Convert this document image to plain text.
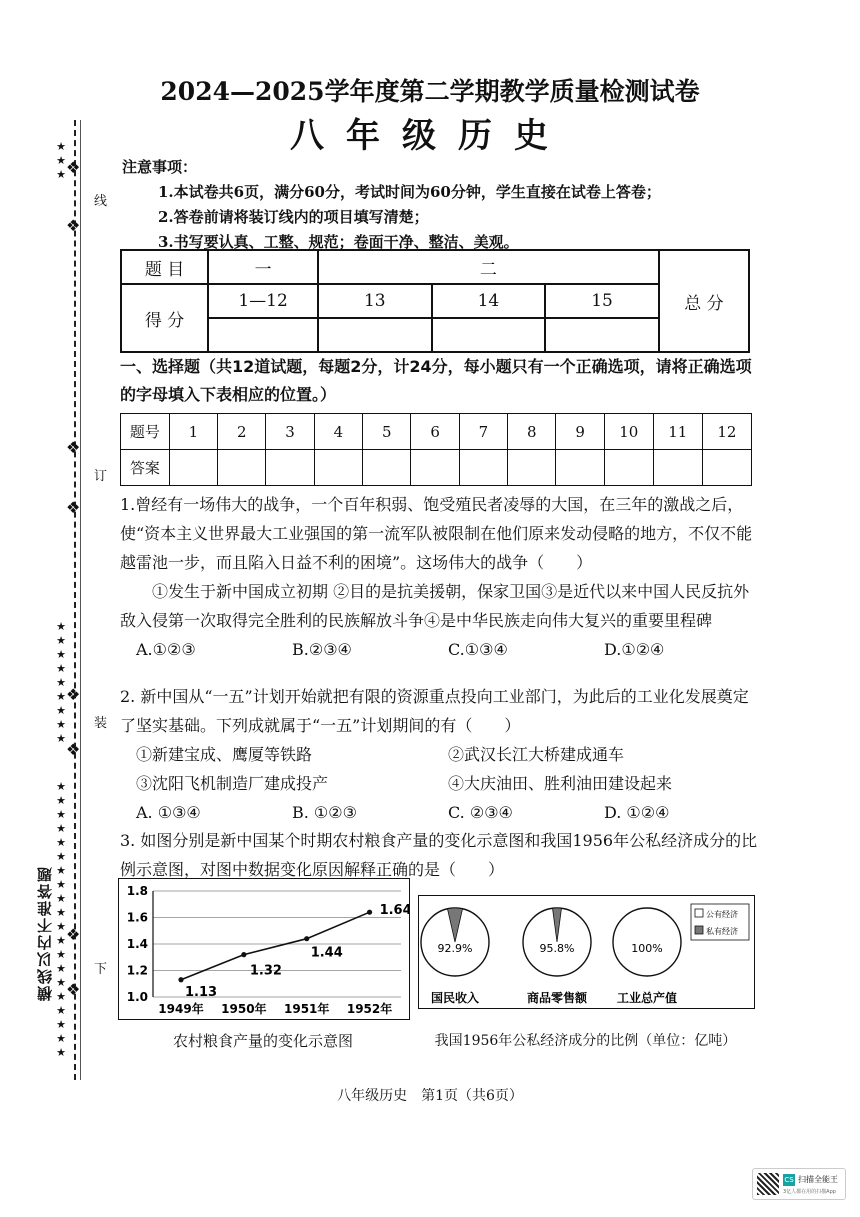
★
★
★ ❖
❖
线
❖
订
❖
★
★
★
★
★
★
★
★
★
❖
装
❖
★
★
★
★
★
★
★
★
★
★
★
★
★
★
★
★
★
★
★
★
❖
下
❖
横线以内不准答题
2024—2025学年度第二学期教学质量检测试卷
八年级历史
注意事项：
1.本试卷共6页，满分60分，考试时间为60分钟，学生直接在试卷上答卷；
2.答卷前请将装订线内的项目填写清楚；
3.书写要认真、工整、规范；卷面干净、整洁、美观。
题 目	一	二			总 分
得 分	1—12	13	14	15	

一、选择题（共12道试题，每题2分，计24分，每小题只有一个正确选项，请将正确选项的字母填入下表相应的位置。）
题号	1	2	3	4	5	6	7	8	9	10	11	12
答案												
1.曾经有一场伟大的战争，一个百年积弱、饱受殖民者凌辱的大国，在三年的激战之后，使“资本主义世界最大工业强国的第一流军队被限制在他们原来发动侵略的地方，不仅不能越雷池一步，而且陷入日益不利的困境”。这场伟大的战争（　　）
①发生于新中国成立初期 ②目的是抗美援朝，保家卫国③是近代以来中国人民反抗外敌入侵第一次取得完全胜利的民族解放斗争④是中华民族走向伟大复兴的重要里程碑
A.①②③	B.②③④	C.①③④	D.①②④
2. 新中国从“一五”计划开始就把有限的资源重点投向工业部门，为此后的工业化发展奠定了坚实基础。下列成就属于“一五”计划期间的有（　　）
①新建宝成、鹰厦等铁路	②武汉长江大桥建成通车
③沈阳飞机制造厂建成投产	④大庆油田、胜利油田建设起来
A. ①③④	B. ①②③	C. ②③④	D. ①②④
3. 如图分别是新中国某个时期农村粮食产量的变化示意图和我国1956年公私经济成分的比例示意图，对图中数据变化原因解释正确的是（　　）
1.0
1.2
1.4
1.6
1.8
1949年 1950年 1951年 1952年
1.13
1.32
1.44
1.64
农村粮食产量的变化示意图
92.9%
国民收入
95.8%
商品零售额
100%
工业总产值
公有经济
私有经济
我国1956年公私经济成分的比例（单位：亿吨）
八年级历史　第1页（共6页）
CS 扫描全能王
3亿人都在用的扫描App
